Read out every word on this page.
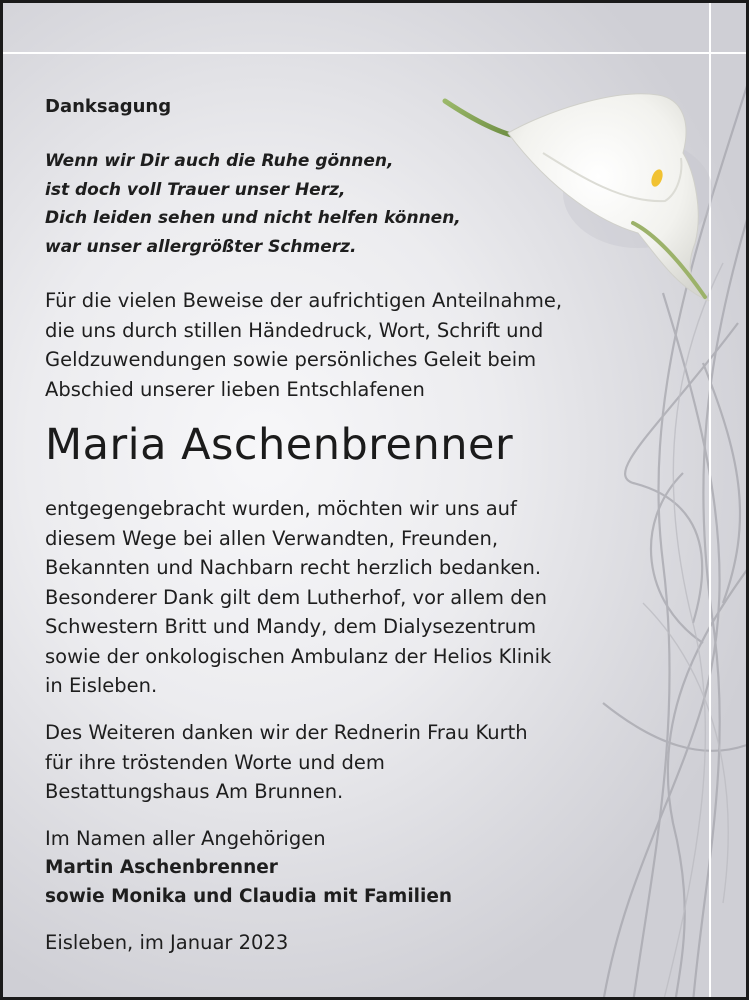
Danksagung
Wenn wir Dir auch die Ruhe gönnen,
ist doch voll Trauer unser Herz,
Dich leiden sehen und nicht helfen können,
war unser allergrößter Schmerz.
Für die vielen Beweise der aufrichtigen Anteilnahme,
die uns durch stillen Händedruck, Wort, Schrift und
Geldzuwendungen sowie persönliches Geleit beim
Abschied unserer lieben Entschlafenen
Maria Aschenbrenner
entgegengebracht wurden, möchten wir uns auf
diesem Wege bei allen Verwandten, Freunden,
Bekannten und Nachbarn recht herzlich bedanken.
Besonderer Dank gilt dem Lutherhof, vor allem den
Schwestern Britt und Mandy, dem Dialysezentrum
sowie der onkologischen Ambulanz der Helios Klinik
in Eisleben.
Des Weiteren danken wir der Rednerin Frau Kurth
für ihre tröstenden Worte und dem
Bestattungshaus Am Brunnen.
Im Namen aller Angehörigen
Martin Aschenbrenner
sowie Monika und Claudia mit Familien
Eisleben, im Januar 2023
